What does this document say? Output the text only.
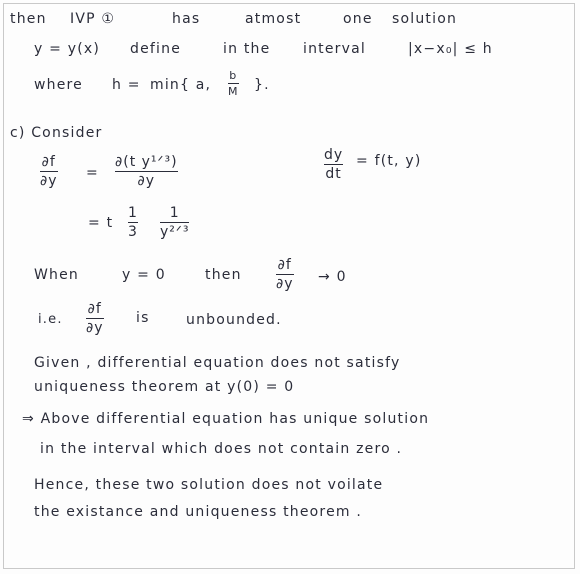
then IVP ①	has	atmost	one solution
y = y(x) define	in the interval	|x−x₀| ≤ h
where h = min{ a,
b
M }.
c) Consider
∂f
∂y =
∂(t y¹ᐟ³)
∂y
dy
dt
= f(t, y)
= t
1
3
1
y²ᐟ³
When	y = 0	then
∂f
∂y → 0
i.e.
∂f
∂y
is	unbounded.
Given , differential equation does not satisfy
uniqueness theorem at y(0) = 0
⇒ Above differential equation has unique solution
in the interval which does not contain zero .
Hence, these two solution does not voilate
the existance and uniqueness theorem .
